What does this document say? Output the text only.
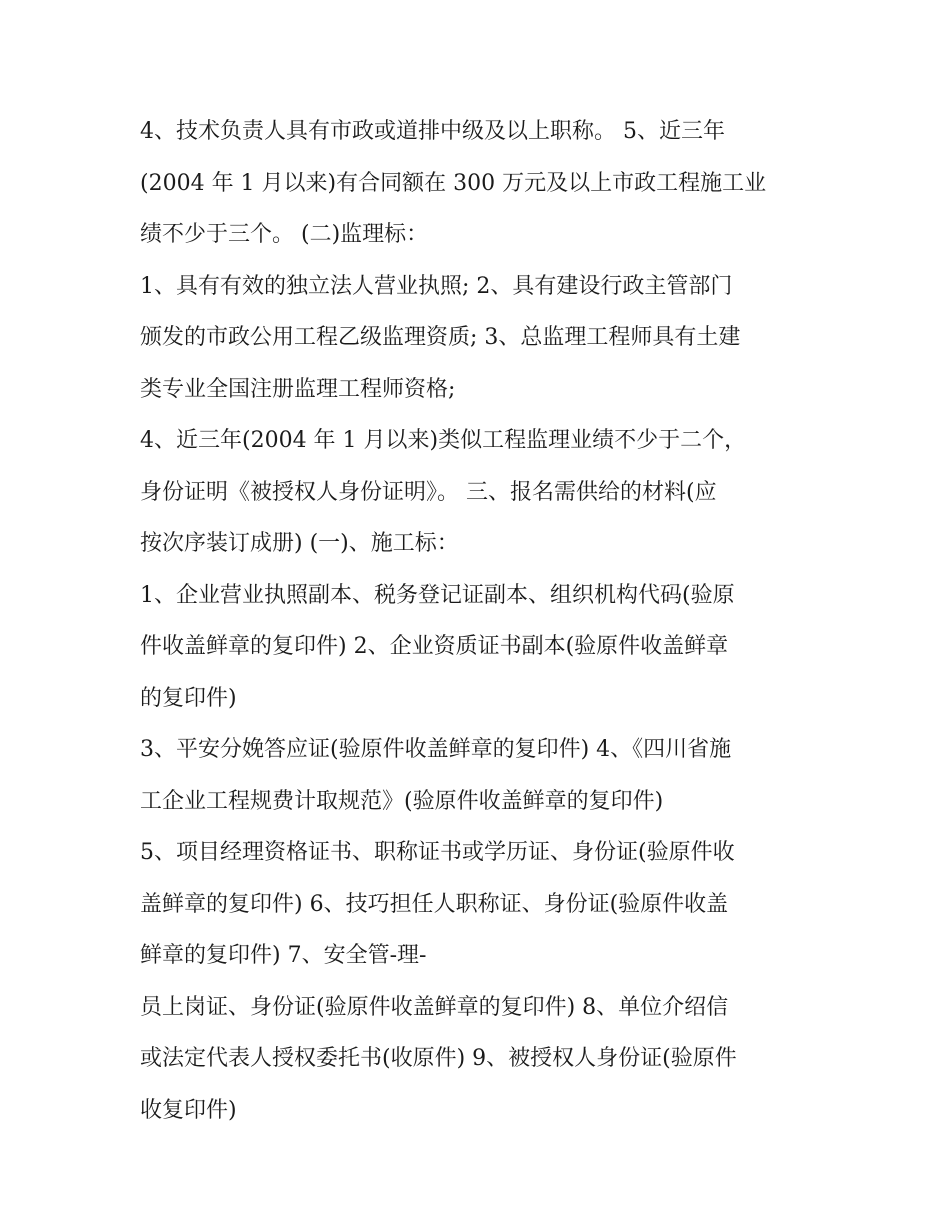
4、技术负责人具有市政或道排中级及以上职称。 5、近三年
(2004 年 1 月以来)有合同额在 300 万元及以上市政工程施工业
绩不少于三个。 (二)监理标：
1、具有有效的独立法人营业执照; 2、具有建设行政主管部门
颁发的市政公用工程乙级监理资质; 3、总监理工程师具有土建
类专业全国注册监理工程师资格;
4、近三年(2004 年 1 月以来)类似工程监理业绩不少于二个，
身份证明《被授权人身份证明》。 三、报名需供给的材料(应
按次序装订成册) (一)、施工标：
1、企业营业执照副本、税务登记证副本、组织机构代码(验原
件收盖鲜章的复印件) 2、企业资质证书副本(验原件收盖鲜章
的复印件)
3、平安分娩答应证(验原件收盖鲜章的复印件) 4、《四川省施
工企业工程规费计取规范》(验原件收盖鲜章的复印件)
5、项目经理资格证书、职称证书或学历证、身份证(验原件收
盖鲜章的复印件) 6、技巧担任人职称证、身份证(验原件收盖
鲜章的复印件) 7、安全管-理-
员上岗证、身份证(验原件收盖鲜章的复印件) 8、单位介绍信
或法定代表人授权委托书(收原件) 9、被授权人身份证(验原件
收复印件)
